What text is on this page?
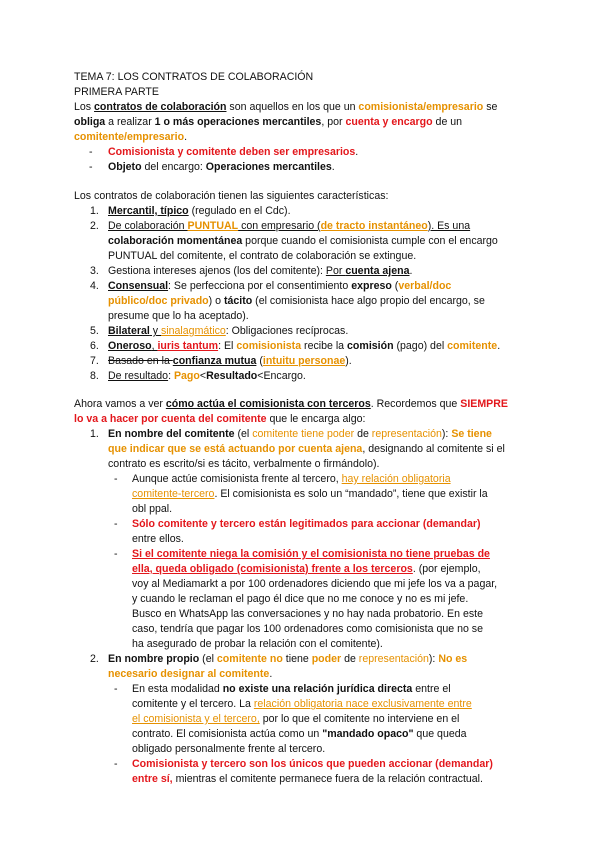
TEMA 7: LOS CONTRATOS DE COLABORACIÓN

PRIMERA PARTE

Los contratos de colaboración son aquellos en los que un comisionista/empresario se

obliga a realizar 1 o más operaciones mercantiles, por cuenta y encargo de un

comitente/empresario.

- Comisionista y comitente deben ser empresarios.
- Objeto del encargo: Operaciones mercantiles.

Los contratos de colaboración tienen las siguientes características:

1. Mercantil, típico (regulado en el Cdc).
2. De colaboración PUNTUAL con empresario (de tracto instantáneo). Es una
colaboración momentánea porque cuando el comisionista cumple con el encargo
PUNTUAL del comitente, el contrato de colaboración se extingue.
3. Gestiona intereses ajenos (los del comitente): Por cuenta ajena.
4. Consensual: Se perfecciona por el consentimiento expreso (verbal/doc
público/doc privado) o tácito (el comisionista hace algo propio del encargo, se
presume que lo ha aceptado).
5. Bilateral y sinalagmático: Obligaciones recíprocas.
6. Oneroso, iuris tantum: El comisionista recibe la comisión (pago) del comitente.
7. Basado en la confianza mutua (intuitu personae).
8. De resultado: Pago<Resultado<Encargo.

Ahora vamos a ver cómo actúa el comisionista con terceros. Recordemos que SIEMPRE

lo va a hacer por cuenta del comitente que le encarga algo:

1. En nombre del comitente (el comitente tiene poder de representación): Se tiene
que indicar que se está actuando por cuenta ajena, designando al comitente si el
contrato es escrito/si es tácito, verbalmente o firmándolo).
- Aunque actúe comisionista frente al tercero, hay relación obligatoria
comitente-tercero. El comisionista es solo un “mandado”, tiene que existir la
obl ppal.
- Sólo comitente y tercero están legitimados para accionar (demandar)
entre ellos.
- Si el comitente niega la comisión y el comisionista no tiene pruebas de
ella, queda obligado (comisionista) frente a los terceros. (por ejemplo,
voy al Mediamarkt a por 100 ordenadores diciendo que mi jefe los va a pagar,
y cuando le reclaman el pago él dice que no me conoce y no es mi jefe.
Busco en WhatsApp las conversaciones y no hay nada probatorio. En este
caso, tendría que pagar los 100 ordenadores como comisionista que no se
ha asegurado de probar la relación con el comitente).
2. En nombre propio (el comitente no tiene poder de representación): No es
necesario designar al comitente.
- En esta modalidad no existe una relación jurídica directa entre el
comitente y el tercero. La relación obligatoria nace exclusivamente entre
el comisionista y el tercero, por lo que el comitente no interviene en el
contrato. El comisionista actúa como un "mandado opaco" que queda
obligado personalmente frente al tercero.
- Comisionista y tercero son los únicos que pueden accionar (demandar)
entre sí, mientras el comitente permanece fuera de la relación contractual.
